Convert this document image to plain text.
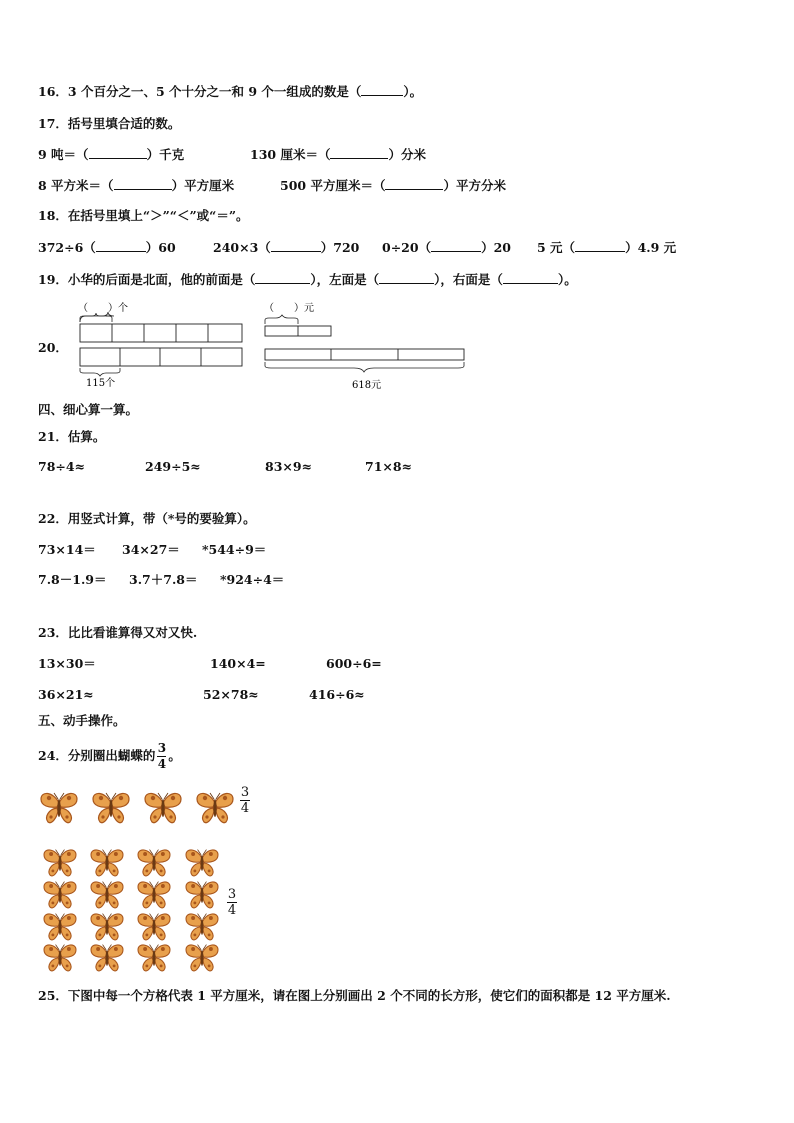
16．3 个百分之一、5 个十分之一和 9 个一组成的数是（	）。
17．括号里填合适的数。
9 吨＝（	）千克	130 厘米＝（	）分米
8 平方米＝（	）平方厘米	500 平方厘米＝（	）平方分米
18．在括号里填上“＞”“＜”或“＝”。
372÷6（	）60	240×3（	）720 0÷20（	）20 5 元（	）4.9 元
19．小华的后面是北面，他的前面是（	），左面是（	），右面是（	）。
20．
（　　）个
115个
（　　）元
618元
四、细心算一算。
21．估算。
78÷4≈	249÷5≈	83×9≈	71×8≈
22．用竖式计算，带（*号的要验算）。
73×14＝ 34×27＝ *544÷9＝
7.8－1.9＝ 3.7＋7.8＝ *924÷4＝
23．比比看谁算得又对又快.
13×30＝	140×4=	600÷6=
36×21≈	52×78≈	416÷6≈
五、动手操作。
24．分别圈出蝴蝶的 $\frac{3}{4}$ 。
$\frac{3}{4}$
$\frac{3}{4}$
25．下图中每一个方格代表 1 平方厘米，请在图上分别画出 2 个不同的长方形，使它们的面积都是 12 平方厘米.
